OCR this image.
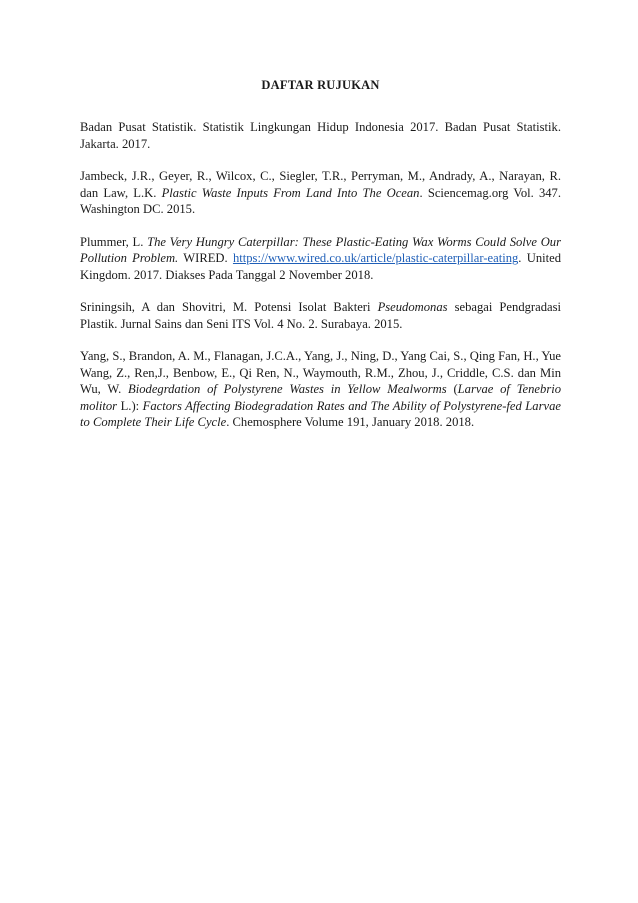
DAFTAR RUJUKAN

Badan Pusat Statistik. Statistik Lingkungan Hidup Indonesia 2017. Badan Pusat Statistik. Jakarta. 2017.

Jambeck, J.R., Geyer, R., Wilcox, C., Siegler, T.R., Perryman, M., Andrady, A., Narayan, R. dan Law, L.K. Plastic Waste Inputs From Land Into The Ocean. Sciencemag.org Vol. 347. Washington DC. 2015.

Plummer, L. The Very Hungry Caterpillar: These Plastic-Eating Wax Worms Could Solve Our Pollution Problem. WIRED. https://www.wired.co.uk/article/plastic-caterpillar-eating. United Kingdom. 2017. Diakses Pada Tanggal 2 November 2018.

Sriningsih, A dan Shovitri, M. Potensi Isolat Bakteri Pseudomonas sebagai Pendgradasi Plastik. Jurnal Sains dan Seni ITS Vol. 4 No. 2. Surabaya. 2015.

Yang, S., Brandon, A. M., Flanagan, J.C.A., Yang, J., Ning, D., Yang Cai, S., Qing Fan, H., Yue Wang, Z., Ren,J., Benbow, E., Qi Ren, N., Waymouth, R.M., Zhou, J., Criddle, C.S. dan Min Wu, W. Biodegrdation of Polystyrene Wastes in Yellow Mealworms (Larvae of Tenebrio molitor L.): Factors Affecting Biodegradation Rates and The Ability of Polystyrene-fed Larvae to Complete Their Life Cycle. Chemosphere Volume 191, January 2018. 2018.
